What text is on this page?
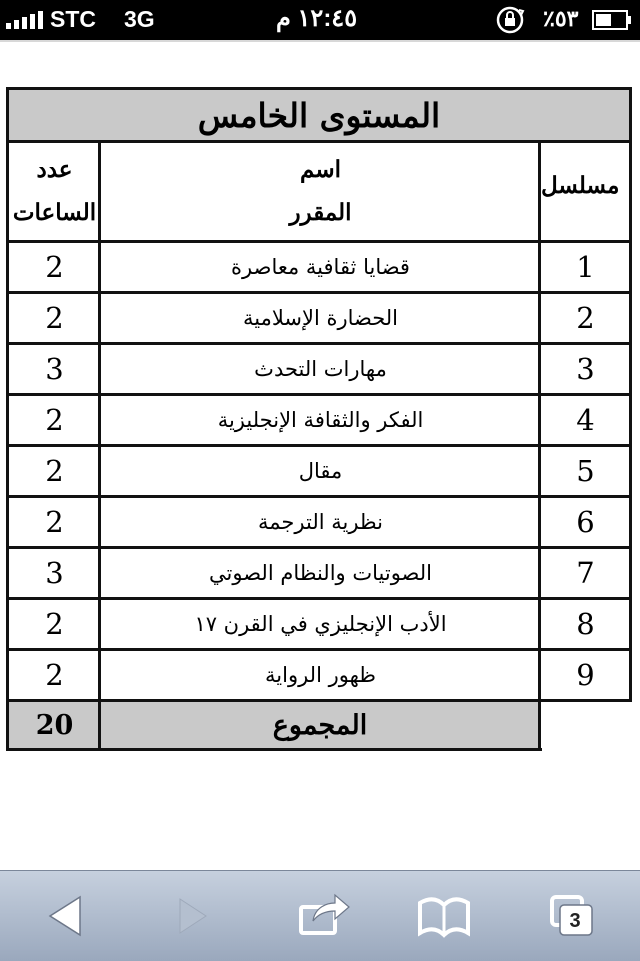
STC 3G	١٢:٤٥ م	٪٥٣
المستوى الخامس
مسلسل
اسم
المقرر
عدد
الساعات
المجموع
20
1
قضايا ثقافية معاصرة
2
2
الحضارة الإسلامية
2
3
مهارات التحدث
3
4
الفكر والثقافة الإنجليزية
2
5
مقال
2
6
نظرية الترجمة
2
7
الصوتيات والنظام الصوتي
3
8
الأدب الإنجليزي في القرن ١٧
2
9
ظهور الرواية
2
3
